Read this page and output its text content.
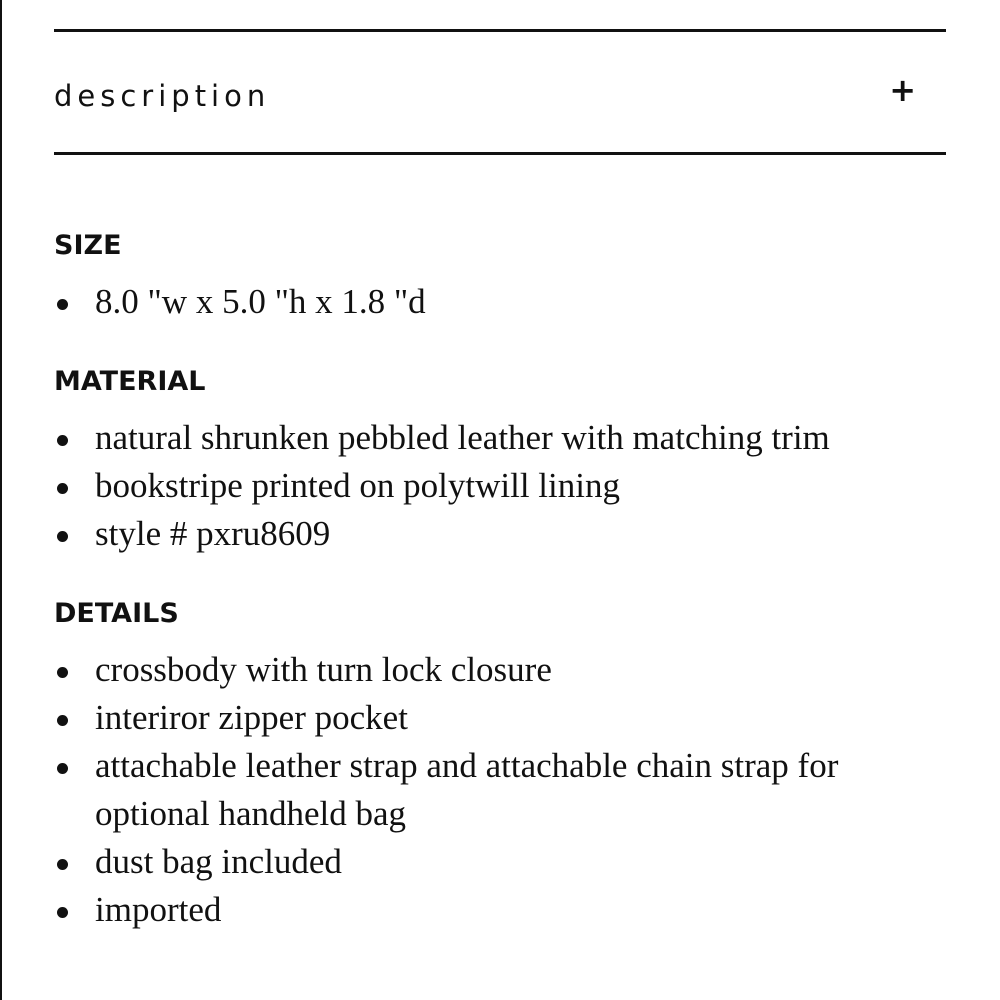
description	+
SIZE
8.0 "w x 5.0 "h x 1.8 "d
MATERIAL
natural shrunken pebbled leather with matching trim
bookstripe printed on polytwill lining
style # pxru8609
DETAILS
crossbody with turn lock closure
interiror zipper pocket
attachable leather strap and attachable chain strap for optional handheld bag
dust bag included
imported
